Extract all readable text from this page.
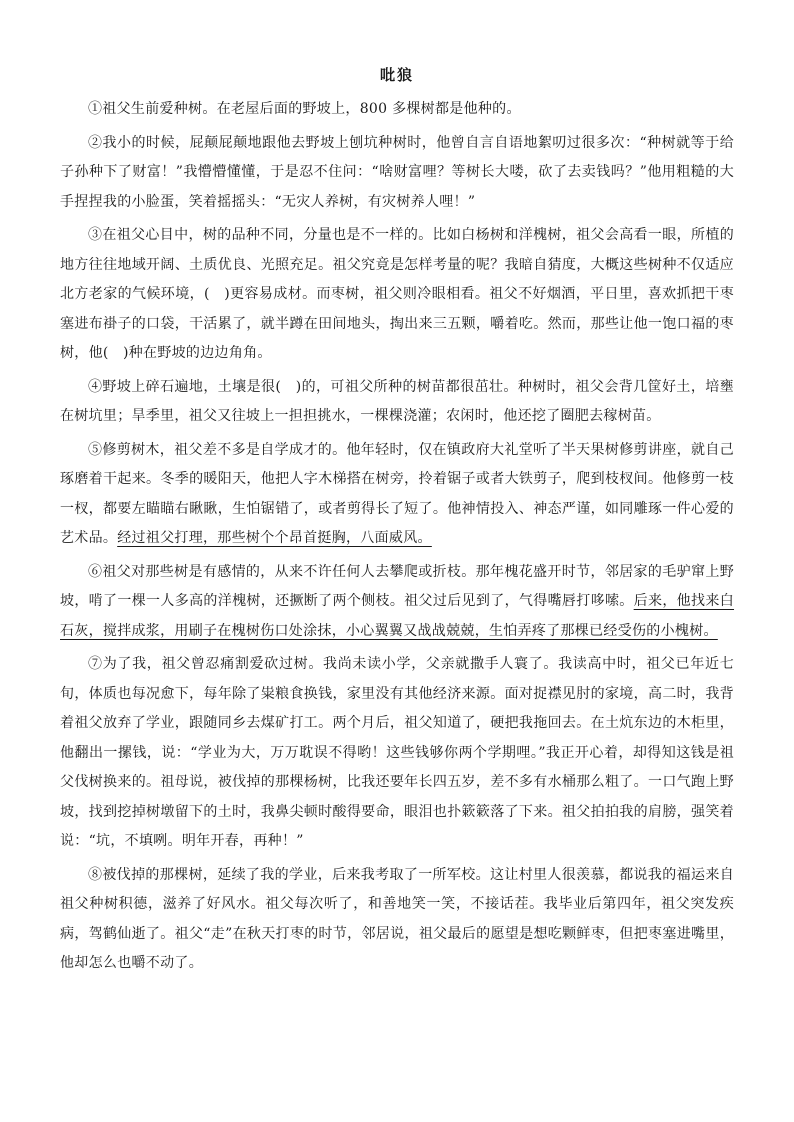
吡狼

①祖父生前爱种树。在老屋后面的野坡上，800 多棵树都是他种的。

②我小的时候，屁颠屁颠地跟他去野坡上刨坑种树时，他曾自言自语地絮叨过很多次：“种树就等于给子孙种下了财富！”我懵懵懂懂，于是忍不住问：“啥财富哩？等树长大喽，砍了去卖钱吗？”他用粗糙的大手捏捏我的小脸蛋，笑着摇摇头：“无灾人养树，有灾树养人哩！”

③在祖父心目中，树的品种不同，分量也是不一样的。比如白杨树和洋槐树，祖父会高看一眼，所植的地方往往地域开阔、土质优良、光照充足。祖父究竟是怎样考量的呢？我暗自猜度，大概这些树种不仅适应北方老家的气候环境，(　)更容易成材。而枣树，祖父则冷眼相看。祖父不好烟酒，平日里，喜欢抓把干枣塞进布褂子的口袋，干活累了，就半蹲在田间地头，掏出来三五颗，嚼着吃。然而，那些让他一饱口福的枣树，他(　)种在野坡的边边角角。

④野坡上碎石遍地，土壤是很(　)的，可祖父所种的树苗都很茁壮。种树时，祖父会背几筐好土，培壅在树坑里；旱季里，祖父又往坡上一担担挑水，一棵棵浇灌；农闲时，他还挖了圈肥去稼树苗。

⑤修剪树木，祖父差不多是自学成才的。他年轻时，仅在镇政府大礼堂听了半天果树修剪讲座，就自己琢磨着干起来。冬季的暖阳天，他把人字木梯搭在树旁，拎着锯子或者大铁剪子，爬到枝杈间。他修剪一枝一杈，都要左瞄瞄右瞅瞅，生怕锯错了，或者剪得长了短了。他神情投入、神态严谨，如同雕琢一件心爱的艺术品。经过祖父打理，那些树个个昂首挺胸，八面威风。

⑥祖父对那些树是有感情的，从来不许任何人去攀爬或折枝。那年槐花盛开时节，邻居家的毛驴窜上野坡，啃了一棵一人多高的洋槐树，还撅断了两个侧枝。祖父过后见到了，气得嘴唇打哆嗦。后来，他找来白石灰，搅拌成浆，用刷子在槐树伤口处涂抹，小心翼翼又战战兢兢，生怕弄疼了那棵已经受伤的小槐树。

⑦为了我，祖父曾忍痛割爱砍过树。我尚未读小学，父亲就撒手人寰了。我读高中时，祖父已年近七旬，体质也每况愈下，每年除了粜粮食换钱，家里没有其他经济来源。面对捉襟见肘的家境，高二时，我背着祖父放弃了学业，跟随同乡去煤矿打工。两个月后，祖父知道了，硬把我拖回去。在土炕东边的木柜里，他翻出一摞钱，说：“学业为大，万万耽误不得哟！这些钱够你两个学期哩。”我正开心着，却得知这钱是祖父伐树换来的。祖母说，被伐掉的那棵杨树，比我还要年长四五岁，差不多有水桶那么粗了。一口气跑上野坡，找到挖掉树墩留下的土时，我鼻尖顿时酸得要命，眼泪也扑簌簌落了下来。祖父拍拍我的肩膀，强笑着说：“坑，不填咧。明年开春，再种！”

⑧被伐掉的那棵树，延续了我的学业，后来我考取了一所军校。这让村里人很羡慕，都说我的福运来自祖父种树积德，滋养了好风水。祖父每次听了，和善地笑一笑，不接话茬。我毕业后第四年，祖父突发疾病，驾鹤仙逝了。祖父“走”在秋天打枣的时节，邻居说，祖父最后的愿望是想吃颗鲜枣，但把枣塞进嘴里，他却怎么也嚼不动了。
